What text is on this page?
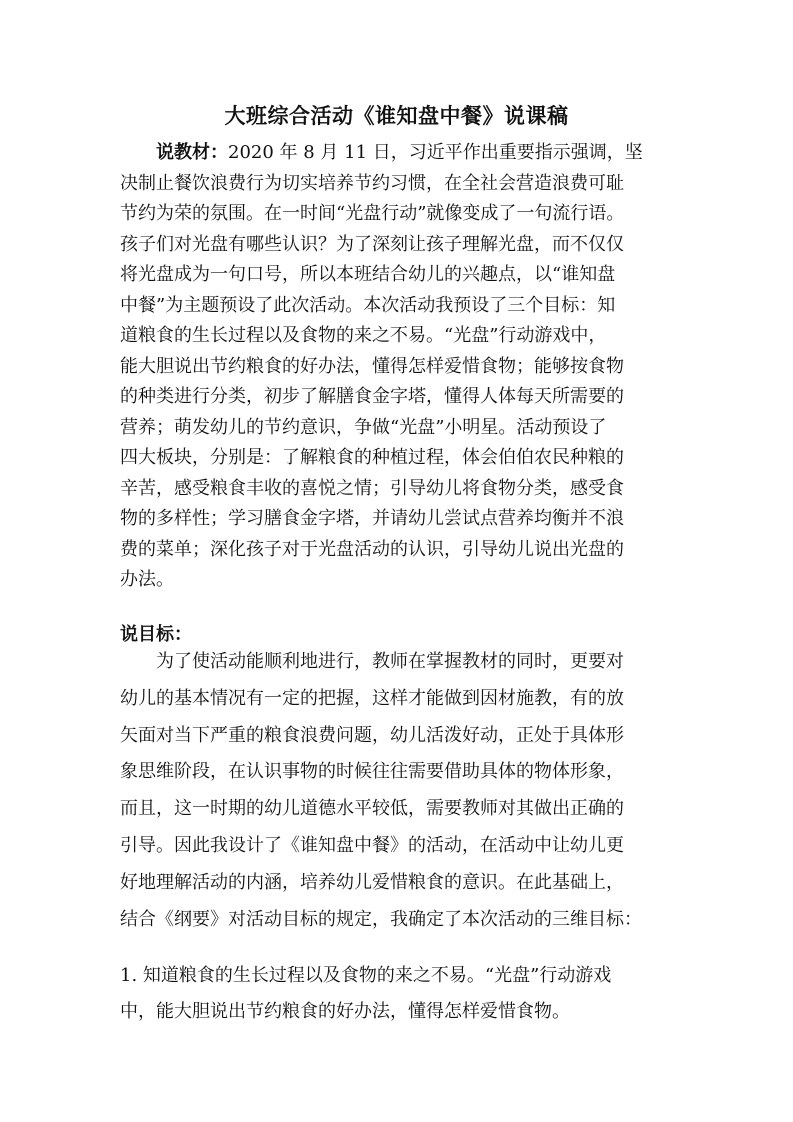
大班综合活动《谁知盘中餐》说课稿
说教材：2020 年 8 月 11 日，习近平作出重要指示强调，坚
决制止餐饮浪费行为切实培养节约习惯，在全社会营造浪费可耻
节约为荣的氛围。在一时间“光盘行动”就像变成了一句流行语。
孩子们对光盘有哪些认识？为了深刻让孩子理解光盘，而不仅仅
将光盘成为一句口号，所以本班结合幼儿的兴趣点，以“谁知盘
中餐”为主题预设了此次活动。本次活动我预设了三个目标：知
道粮食的生长过程以及食物的来之不易。“光盘”行动游戏中，
能大胆说出节约粮食的好办法，懂得怎样爱惜食物；能够按食物
的种类进行分类，初步了解膳食金字塔，懂得人体每天所需要的
营养；萌发幼儿的节约意识，争做“光盘”小明星。活动预设了
四大板块，分别是：了解粮食的种植过程，体会伯伯农民种粮的
辛苦，感受粮食丰收的喜悦之情；引导幼儿将食物分类，感受食
物的多样性；学习膳食金字塔，并请幼儿尝试点营养均衡并不浪
费的菜单；深化孩子对于光盘活动的认识，引导幼儿说出光盘的
办法。
说目标：
为了使活动能顺利地进行，教师在掌握教材的同时，更要对
幼儿的基本情况有一定的把握，这样才能做到因材施教，有的放
矢面对当下严重的粮食浪费问题，幼儿活泼好动，正处于具体形
象思维阶段，在认识事物的时候往往需要借助具体的物体形象，
而且，这一时期的幼儿道德水平较低，需要教师对其做出正确的
引导。因此我设计了《谁知盘中餐》的活动，在活动中让幼儿更
好地理解活动的内涵，培养幼儿爱惜粮食的意识。在此基础上，
结合《纲要》对活动目标的规定，我确定了本次活动的三维目标：
1. 知道粮食的生长过程以及食物的来之不易。“光盘”行动游戏
中，能大胆说出节约粮食的好办法，懂得怎样爱惜食物。
